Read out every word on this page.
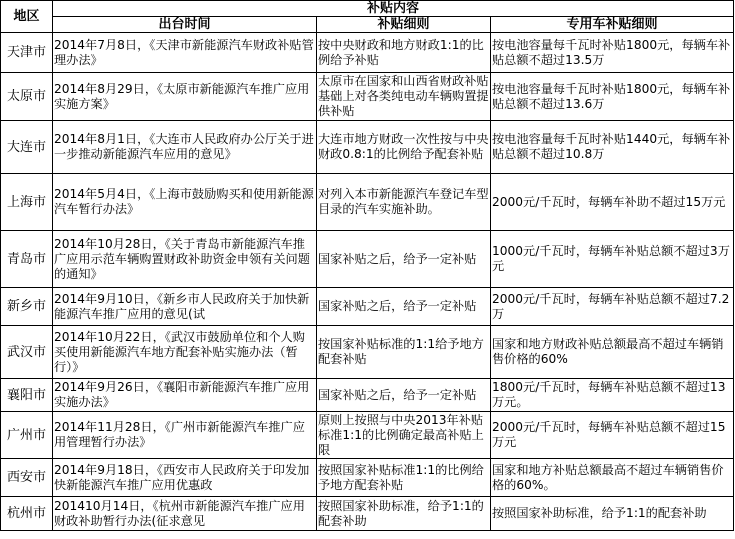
地区	补贴内容		
	出台时间	补贴细则	专用车补贴细则

天津市	2014年7月8日，《天津市新能源汽车财政补贴管理办法》	按中央财政和地方财政1:1的比例给予补贴	按电池容量每千瓦时补贴1800元，每辆车补贴总额不超过13.5万

太原市	2014年8月29日，《太原市新能源汽车推广应用实施方案》	太原市在国家和山西省财政补贴基础上对各类纯电动车辆购置提供补贴	按电池容量每千瓦时补贴1800元，每辆车补贴总额不超过13.6万

大连市	2014年8月1日，《大连市人民政府办公厅关于进一步推动新能源汽车应用的意见》	大连市地方财政一次性按与中央财政0.8:1的比例给予配套补贴	按电池容量每千瓦时补贴1440元，每辆车补贴总额不超过10.8万

上海市	2014年5月4日，《上海市鼓励购买和使用新能源汽车暂行办法》	对列入本市新能源汽车登记车型目录的汽车实施补助。	2000元/千瓦时，每辆车补助不超过15万元

青岛市	2014年10月28日，《关于青岛市新能源汽车推广应用示范车辆购置财政补助资金申领有关问题的通知》	国家补贴之后，给予一定补贴	1000元/千瓦时，每辆车补贴总额不超过3万元

新乡市	2014年9月10日，《新乡市人民政府关于加快新能源汽车推广应用的意见(试	国家补贴之后，给予一定补贴	2000元/千瓦时，每辆车补贴总额不超过7.2万

武汉市	2014年10月22日，《武汉市鼓励单位和个人购买使用新能源汽车地方配套补贴实施办法（暂行）》	按国家补贴标准的1:1给予地方配套补贴	国家和地方财政补贴总额最高不超过车辆销售价格的60%

襄阳市	2014年9月26日，《襄阳市新能源汽车推广应用实施办法》	国家补贴之后，给予一定补贴	1800元/千瓦时，每辆车补贴总额不超过13万元。

广州市	2014年11月28日，《广州市新能源汽车推广应用管理暂行办法》	原则上按照与中央2013年补贴标准1:1的比例确定最高补贴上限	2000元/千瓦时，每辆车补贴总额不超过15万元

西安市	2014年9月18日，《西安市人民政府关于印发加快新能源汽车推广应用优惠政	按照国家补贴标准1:1的比例给予地方配套补贴	国家和地方补贴总额最高不超过车辆销售价格的60%。

杭州市	201410月14日，《杭州市新能源汽车推广应用财政补助暂行办法(征求意见	按照国家补助标准，给予1:1的配套补助	按照国家补助标准，给予1:1的配套补助
